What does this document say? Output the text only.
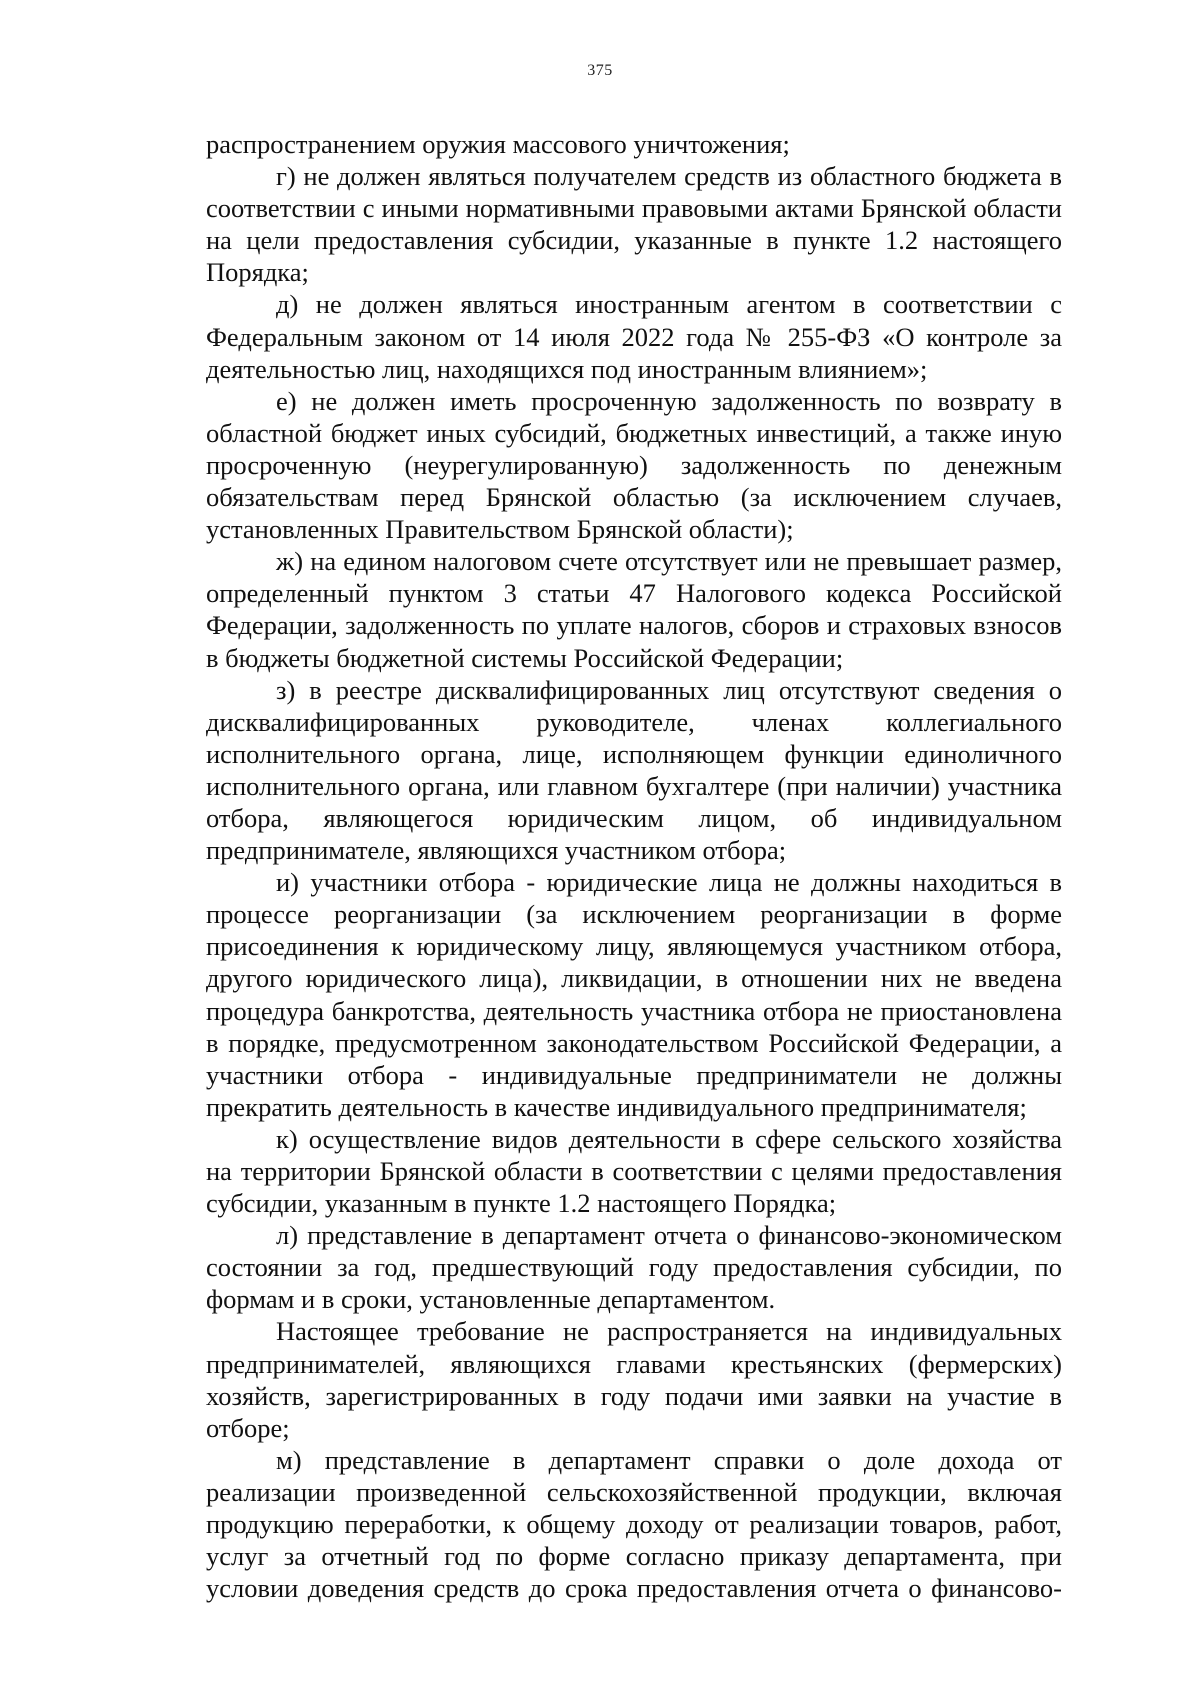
375

распространением оружия массового уничтожения;

г) не должен являться получателем средств из областного бюджета в соответствии с иными нормативными правовыми актами Брянской области на цели предоставления субсидии, указанные в пункте 1.2 настоящего Порядка;

д) не должен являться иностранным агентом в соответствии с Федеральным законом от 14 июля 2022 года № 255-ФЗ «О контроле за деятельностью лиц, находящихся под иностранным влиянием»;

е) не должен иметь просроченную задолженность по возврату в областной бюджет иных субсидий, бюджетных инвестиций, а также иную просроченную (неурегулированную) задолженность по денежным обязательствам перед Брянской областью (за исключением случаев, установленных Правительством Брянской области);

ж) на едином налоговом счете отсутствует или не превышает размер, определенный пунктом 3 статьи 47 Налогового кодекса Российской Федерации, задолженность по уплате налогов, сборов и страховых взносов в бюджеты бюджетной системы Российской Федерации;

з) в реестре дисквалифицированных лиц отсутствуют сведения о дисквалифицированных руководителе, членах коллегиального исполнительного органа, лице, исполняющем функции единоличного исполнительного органа, или главном бухгалтере (при наличии) участника отбора, являющегося юридическим лицом, об индивидуальном предпринимателе, являющихся участником отбора;

и) участники отбора - юридические лица не должны находиться в процессе реорганизации (за исключением реорганизации в форме присоединения к юридическому лицу, являющемуся участником отбора, другого юридического лица), ликвидации, в отношении них не введена процедура банкротства, деятельность участника отбора не приостановлена в порядке, предусмотренном законодательством Российской Федерации, а участники отбора - индивидуальные предприниматели не должны прекратить деятельность в качестве индивидуального предпринимателя;

к) осуществление видов деятельности в сфере сельского хозяйства на территории Брянской области в соответствии с целями предоставления субсидии, указанным в пункте 1.2 настоящего Порядка;

л) представление в департамент отчета о финансово-экономическом состоянии за год, предшествующий году предоставления субсидии, по формам и в сроки, установленные департаментом.

Настоящее требование не распространяется на индивидуальных предпринимателей, являющихся главами крестьянских (фермерских) хозяйств, зарегистрированных в году подачи ими заявки на участие в отборе;

м) представление в департамент справки о доле дохода от реализации произведенной сельскохозяйственной продукции, включая продукцию переработки, к общему доходу от реализации товаров, работ, услуг за отчетный год по форме согласно приказу департамента, при условии доведения средств до срока предоставления отчета о финансово-
